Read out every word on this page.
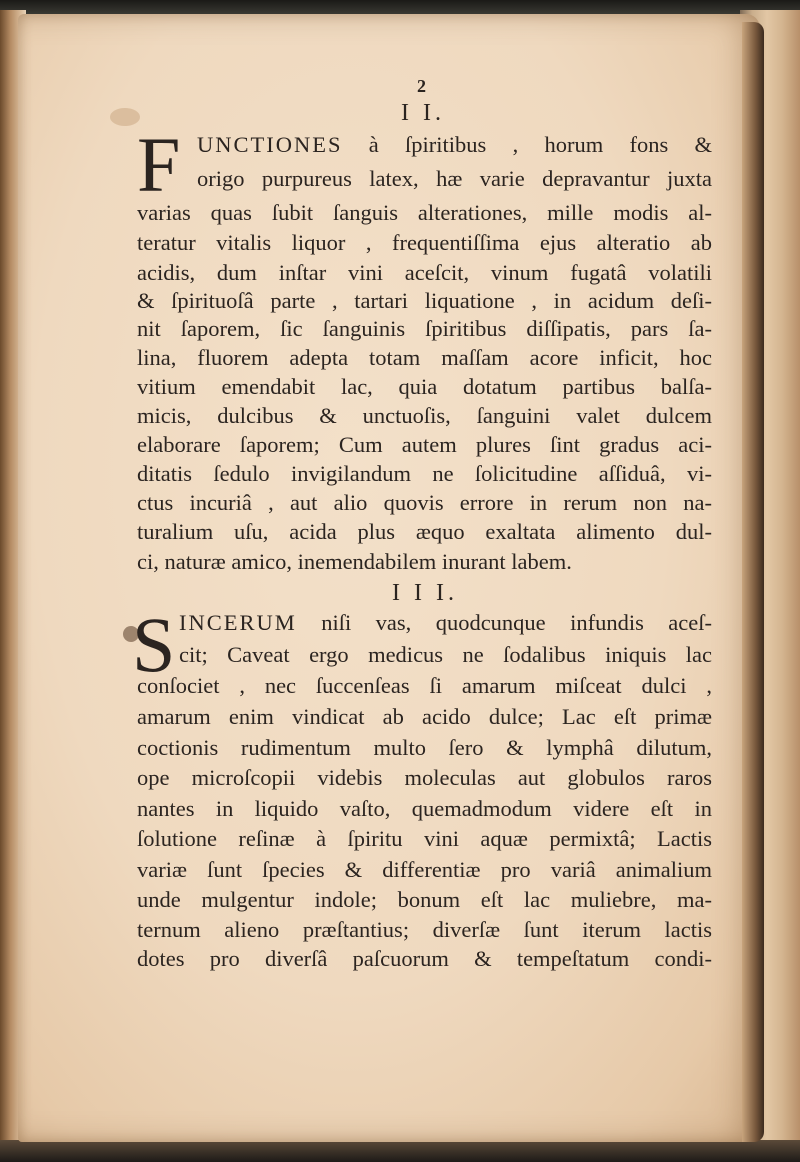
2
I I.
F UNCTIONES à ſpiritibus , horum fons &
origo purpureus latex, hæ varie depravantur juxta
varias quas ſubit ſanguis alterationes, mille modis al-
teratur vitalis liquor , frequentiſſima ejus alteratio ab
acidis, dum inſtar vini aceſcit, vinum fugatâ volatili
& ſpirituoſâ parte , tartari liquatione , in acidum deſi-
nit ſaporem, ſic ſanguinis ſpiritibus diſſipatis, pars ſa-
lina, fluorem adepta totam maſſam acore inficit, hoc
vitium emendabit lac, quia dotatum partibus balſa-
micis, dulcibus & unctuoſis, ſanguini valet dulcem
elaborare ſaporem; Cum autem plures ſint gradus aci-
ditatis ſedulo invigilandum ne ſolicitudine aſſiduâ, vi-
ctus incuriâ , aut alio quovis errore in rerum non na-
turalium uſu, acida plus æquo exaltata alimento dul-
ci, naturæ amico, inemendabilem inurant labem.
I I I.
S INCERUM niſi vas, quodcunque infundis aceſ-
cit; Caveat ergo medicus ne ſodalibus iniquis lac
conſociet , nec ſuccenſeas ſi amarum miſceat dulci ,
amarum enim vindicat ab acido dulce; Lac eſt primæ
coctionis rudimentum multo ſero & lymphâ dilutum,
ope microſcopii videbis moleculas aut globulos raros
nantes in liquido vaſto, quemadmodum videre eſt in
ſolutione reſinæ à ſpiritu vini aquæ permixtâ; Lactis
variæ ſunt ſpecies & differentiæ pro variâ animalium
unde mulgentur indole; bonum eſt lac muliebre, ma-
ternum alieno præſtantius; diverſæ ſunt iterum lactis
dotes pro diverſâ paſcuorum & tempeſtatum condi-
